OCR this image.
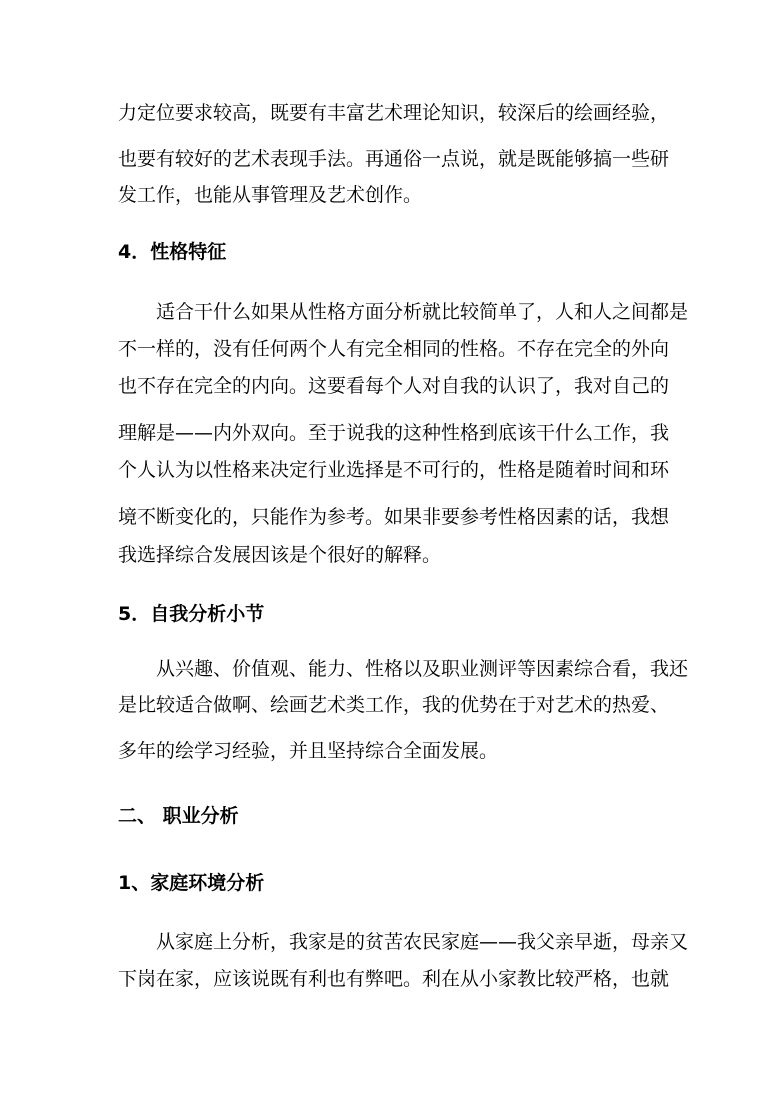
力定位要求较高，既要有丰富艺术理论知识，较深后的绘画经验，
也要有较好的艺术表现手法。再通俗一点说，就是既能够搞一些研
发工作，也能从事管理及艺术创作。
4．性格特征
适合干什么如果从性格方面分析就比较简单了，人和人之间都是
不一样的，没有任何两个人有完全相同的性格。不存在完全的外向
也不存在完全的内向。这要看每个人对自我的认识了，我对自己的
理解是——内外双向。至于说我的这种性格到底该干什么工作，我
个人认为以性格来决定行业选择是不可行的，性格是随着时间和环
境不断变化的，只能作为参考。如果非要参考性格因素的话，我想
我选择综合发展因该是个很好的解释。
5．自我分析小节
从兴趣、价值观、能力、性格以及职业测评等因素综合看，我还
是比较适合做啊、绘画艺术类工作，我的优势在于对艺术的热爱、
多年的绘学习经验，并且坚持综合全面发展。
二、 职业分析
1、家庭环境分析
从家庭上分析，我家是的贫苦农民家庭——我父亲早逝，母亲又
下岗在家，应该说既有利也有弊吧。利在从小家教比较严格，也就
